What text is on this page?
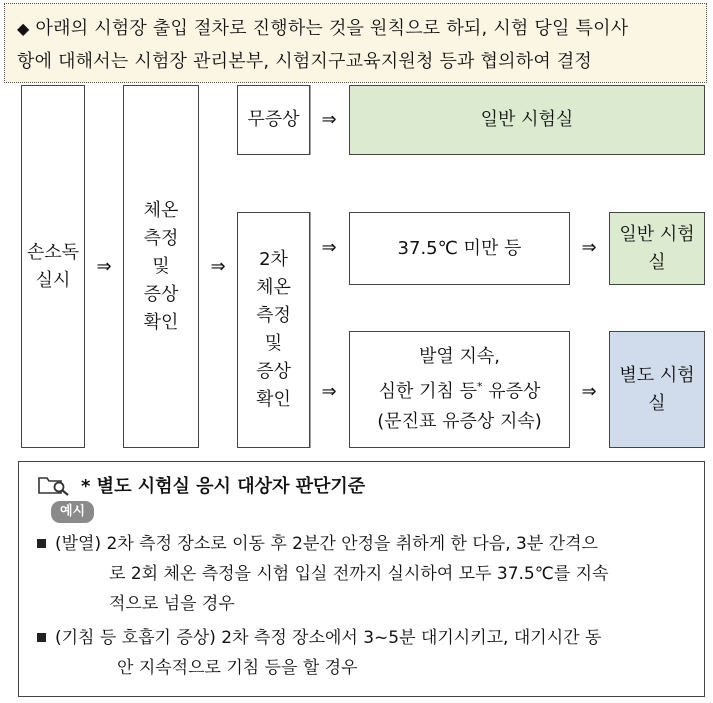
◆ 아래의 시험장 출입 절차로 진행하는 것을 원칙으로 하되, 시험 당일 특이사
항에 대해서는 시험장 관리본부, 시험지구교육지원청 등과 협의하여 결정
손소독
실시
⇒
체온
측정
및
증상
확인
⇒
무증상	⇒	일반 시험실
2차
체온
측정
및
증상
확인
⇒	37.5℃ 미만 등	⇒
일반 시험
실
⇒
발열 지속,
심한 기침 등* 유증상
(문진표 유증상 지속)
⇒
별도 시험
실
* 별도 시험실 응시 대상자 판단기준
예시
(발열) 2차 측정 장소로 이동 후 2분간 안정을 취하게 한 다음, 3분 간격으
로 2회 체온 측정을 시험 입실 전까지 실시하여 모두 37.5℃를 지속
적으로 넘을 경우
(기침 등 호흡기 증상) 2차 측정 장소에서 3~5분 대기시키고, 대기시간 동
안 지속적으로 기침 등을 할 경우
